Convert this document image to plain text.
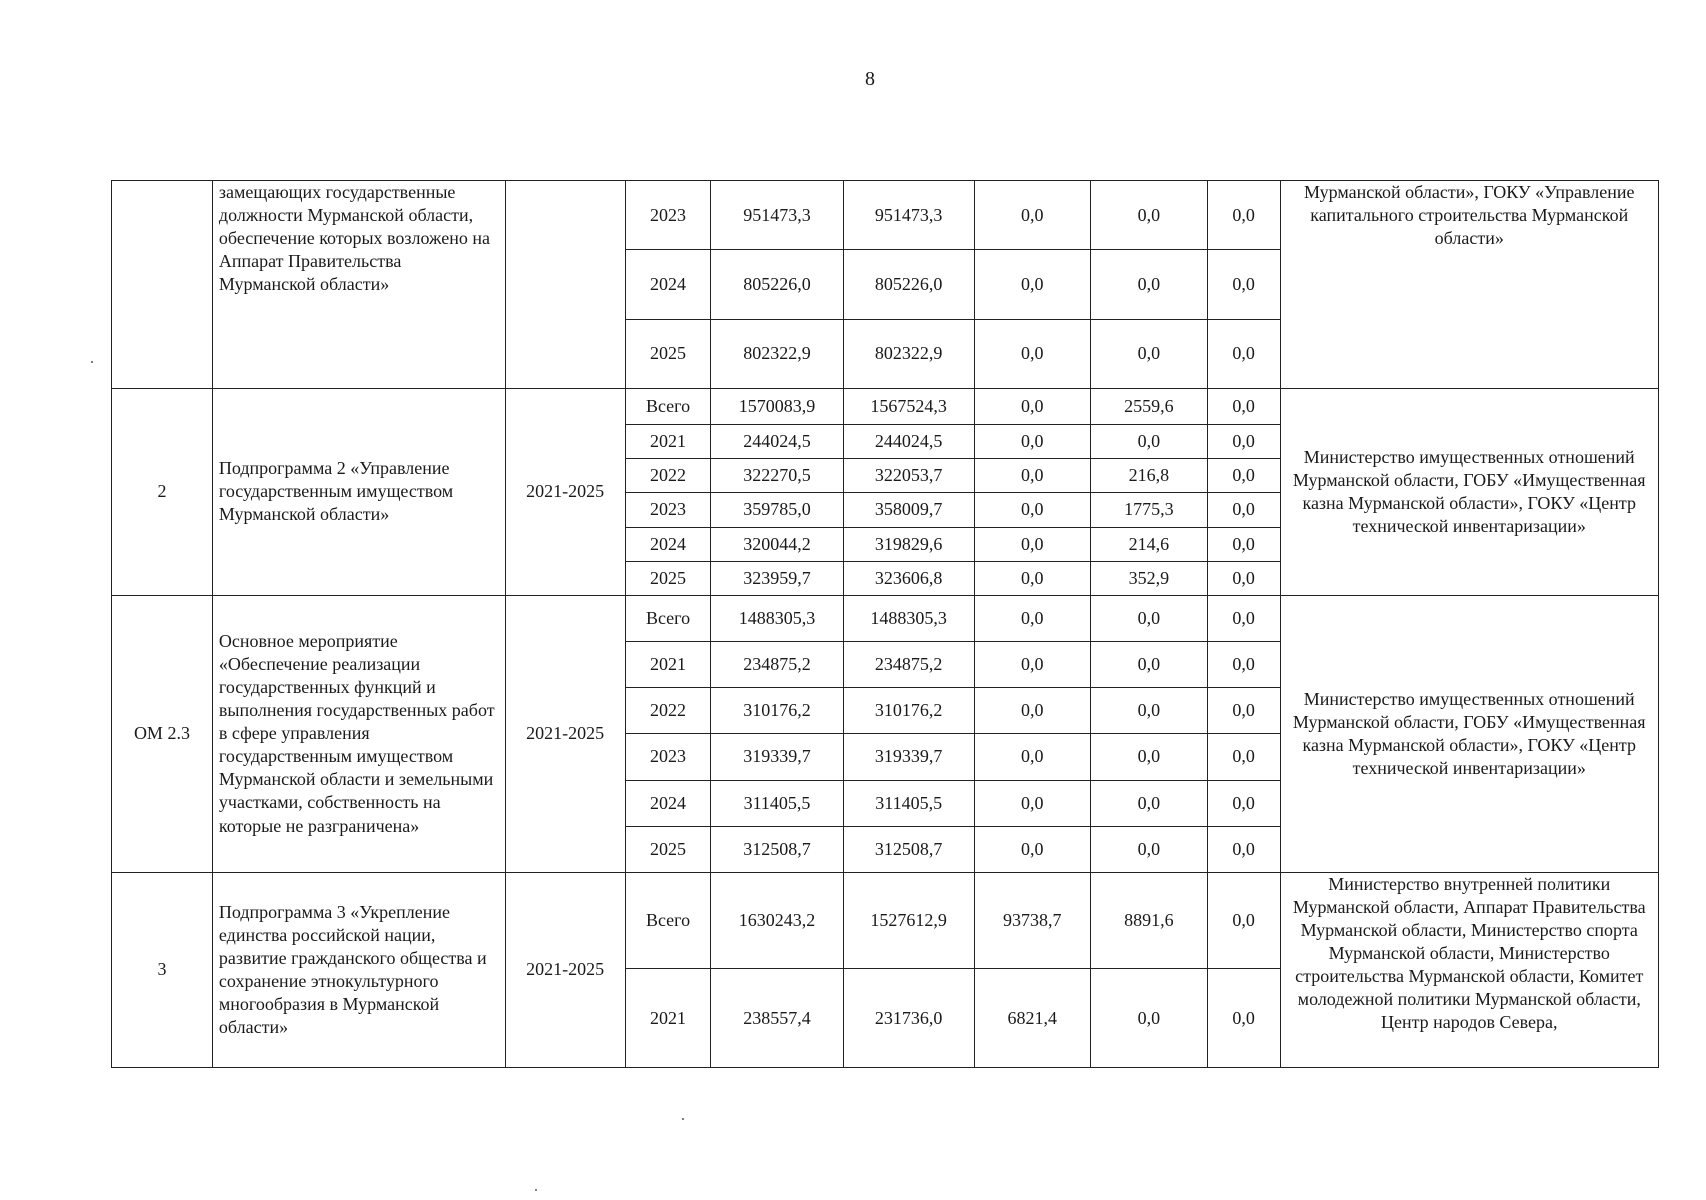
8
	замещающих государственные должности Мурманской области, обеспечение которых возложено на Аппарат Правительства Мурманской области»		2023	951473,3	951473,3	0,0	0,0	0,0	Мурманской области», ГОКУ «Управление капитального строительства Мурманской области»
			2024	805226,0	805226,0	0,0	0,0	0,0	
			2025	802322,9	802322,9	0,0	0,0	0,0	
2	Подпрограмма 2 «Управление государственным имуществом Мурманской области»	2021-2025	Всего	1570083,9	1567524,3	0,0	2559,6	0,0	Министерство имущественных отношений Мурманской области, ГОБУ «Имущественная казна Мурманской области», ГОКУ «Центр технической инвентаризации»
			2021	244024,5	244024,5	0,0	0,0	0,0	
			2022	322270,5	322053,7	0,0	216,8	0,0	
			2023	359785,0	358009,7	0,0	1775,3	0,0	
			2024	320044,2	319829,6	0,0	214,6	0,0	
			2025	323959,7	323606,8	0,0	352,9	0,0	
ОМ 2.3	Основное мероприятие «Обеспечение реализации государственных функций и выполнения государственных работ в сфере управления государственным имуществом Мурманской области и земельными участками, собственность на которые не разграничена»	2021-2025	Всего	1488305,3	1488305,3	0,0	0,0	0,0	Министерство имущественных отношений Мурманской области, ГОБУ «Имущественная казна Мурманской области», ГОКУ «Центр технической инвентаризации»
			2021	234875,2	234875,2	0,0	0,0	0,0	
			2022	310176,2	310176,2	0,0	0,0	0,0	
			2023	319339,7	319339,7	0,0	0,0	0,0	
			2024	311405,5	311405,5	0,0	0,0	0,0	
			2025	312508,7	312508,7	0,0	0,0	0,0	
3	Подпрограмма 3 «Укрепление единства российской нации, развитие гражданского общества и сохранение этнокультурного многообразия в Мурманской области»	2021-2025	Всего	1630243,2	1527612,9	93738,7	8891,6	0,0	Министерство внутренней политики Мурманской области, Аппарат Правительства Мурманской области, Министерство спорта Мурманской области, Министерство строительства Мурманской области, Комитет молодежной политики Мурманской области, Центр народов Севера,
			2021	238557,4	231736,0	6821,4	0,0	0,0	
